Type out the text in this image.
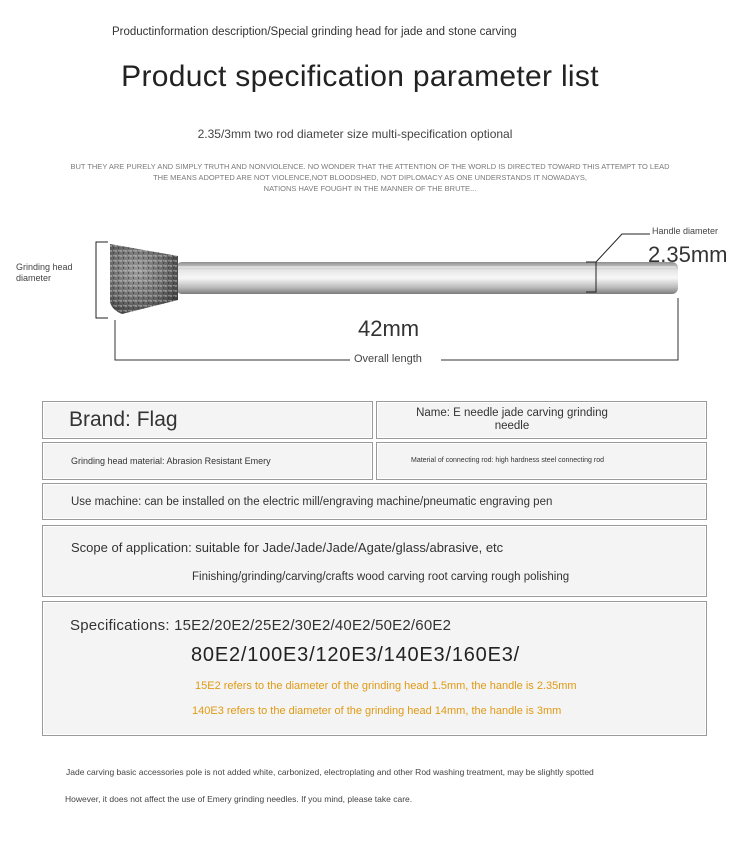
Productinformation description/Special grinding head for jade and stone carving
Product specification parameter list
2.35/3mm two rod diameter size multi-specification optional
BUT THEY ARE PURELY AND SIMPLY TRUTH AND NONVIOLENCE. NO WONDER THAT THE ATTENTION OF THE WORLD IS DIRECTED TOWARD THIS ATTEMPT TO LEAD
THE MEANS ADOPTED ARE NOT VIOLENCE,NOT BLOODSHED, NOT DIPLOMACY AS ONE UNDERSTANDS IT NOWADAYS,
NATIONS HAVE FOUGHT IN THE MANNER OF THE BRUTE...
Handle diameter
2.35mm
Grinding head
diameter
42mm
Overall length
Brand: Flag	Name: E needle jade carving grinding
needle
Grinding head material: Abrasion Resistant Emery	Material of connecting rod: high hardness steel connecting rod
Use machine: can be installed on the electric mill/engraving machine/pneumatic engraving pen
Scope of application: suitable for Jade/Jade/Jade/Agate/glass/abrasive, etc
Finishing/grinding/carving/crafts wood carving root carving rough polishing
Specifications: 15E2/20E2/25E2/30E2/40E2/50E2/60E2
80E2/100E3/120E3/140E3/160E3/
15E2 refers to the diameter of the grinding head 1.5mm, the handle is 2.35mm
140E3 refers to the diameter of the grinding head 14mm, the handle is 3mm
Jade carving basic accessories pole is not added white, carbonized, electroplating and other Rod washing treatment, may be slightly spotted
However, it does not affect the use of Emery grinding needles. If you mind, please take care.
